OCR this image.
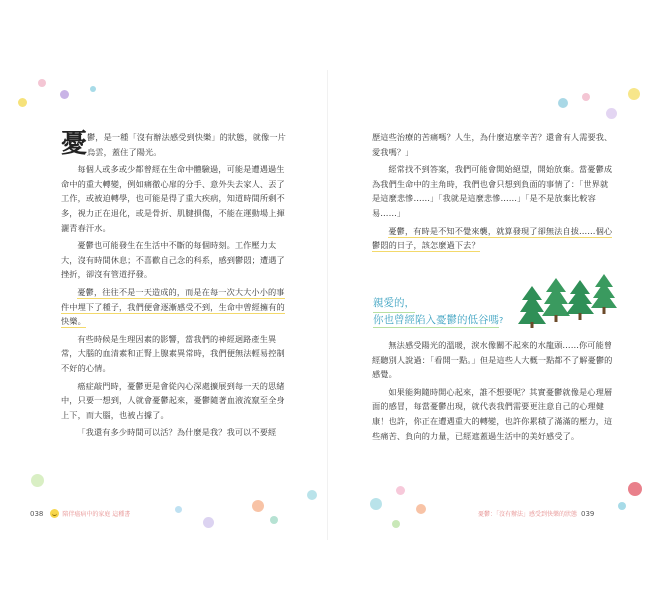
憂 鬱，是一種「沒有辦法感受到快樂」的狀態，就像一片烏雲，蓋住了陽光。

每個人或多或少都曾經在生命中體驗過，可能是遭遇過生命中的重大轉變，例如痛徹心扉的分手、意外失去家人、丟了工作，或被迫轉學，也可能是得了重大疾病，知道時間所剩不多，視力正在退化，或是骨折、肌腱損傷，不能在運動場上揮灑青春汗水。

憂鬱也可能發生在生活中不斷的每個時刻。工作壓力太大，沒有時間休息；不喜歡自己念的科系，感到鬱悶；遭遇了挫折，卻沒有管道抒發。

憂鬱，往往不是一天造成的，而是在每一次大大小小的事件中埋下了種子，我們便會逐漸感受不到，生命中曾經擁有的快樂。

有些時候是生理因素的影響，當我們的神經迴路產生異常，大腦的血清素和正腎上腺素異常時，我們便無法輕易控制不好的心情。

癌症敲門時，憂鬱更是會從內心深處擴展到每一天的思緒中，只要一想到，人就會憂鬱起來，憂鬱隨著血液流竄至全身上下，而大腦，也被占據了。

「我還有多少時間可以活？為什麼是我？我可以不要經

038	陪伴癌病中的家庭 這種書

歷這些治療的苦痛嗎？人生，為什麼這麼辛苦？還會有人需要我、愛我嗎？」

經常找不到答案，我們可能會開始絕望，開始放棄。當憂鬱成為我們生命中的主角時，我們也會只想到負面的事情了：「世界就是這麼悲慘……」「我就是這麼悲慘……」「是不是放棄比較容易……」

憂鬱，有時是不知不覺來襲，就算發現了卻無法自拔……個心鬱悶的日子，該怎麼過下去？

親愛的，
你也曾經陷入憂鬱的低谷嗎?

無法感受陽光的溫暖，淚水像關不起來的水龍頭……你可能曾經聽別人說過：「看開一點。」但是這些人大概一點都不了解憂鬱的感覺。

如果能夠隨時開心起來，誰不想要呢？其實憂鬱就像是心理層面的感冒，每當憂鬱出現，就代表我們需要更注意自己的心理健康！也許，你正在遭遇重大的轉變，也許你累積了滿滿的壓力，這些痛苦、負向的力量，已經遮蓋過生活中的美好感受了。

憂鬱：「沒有辦法」感受到快樂的狀態 039
